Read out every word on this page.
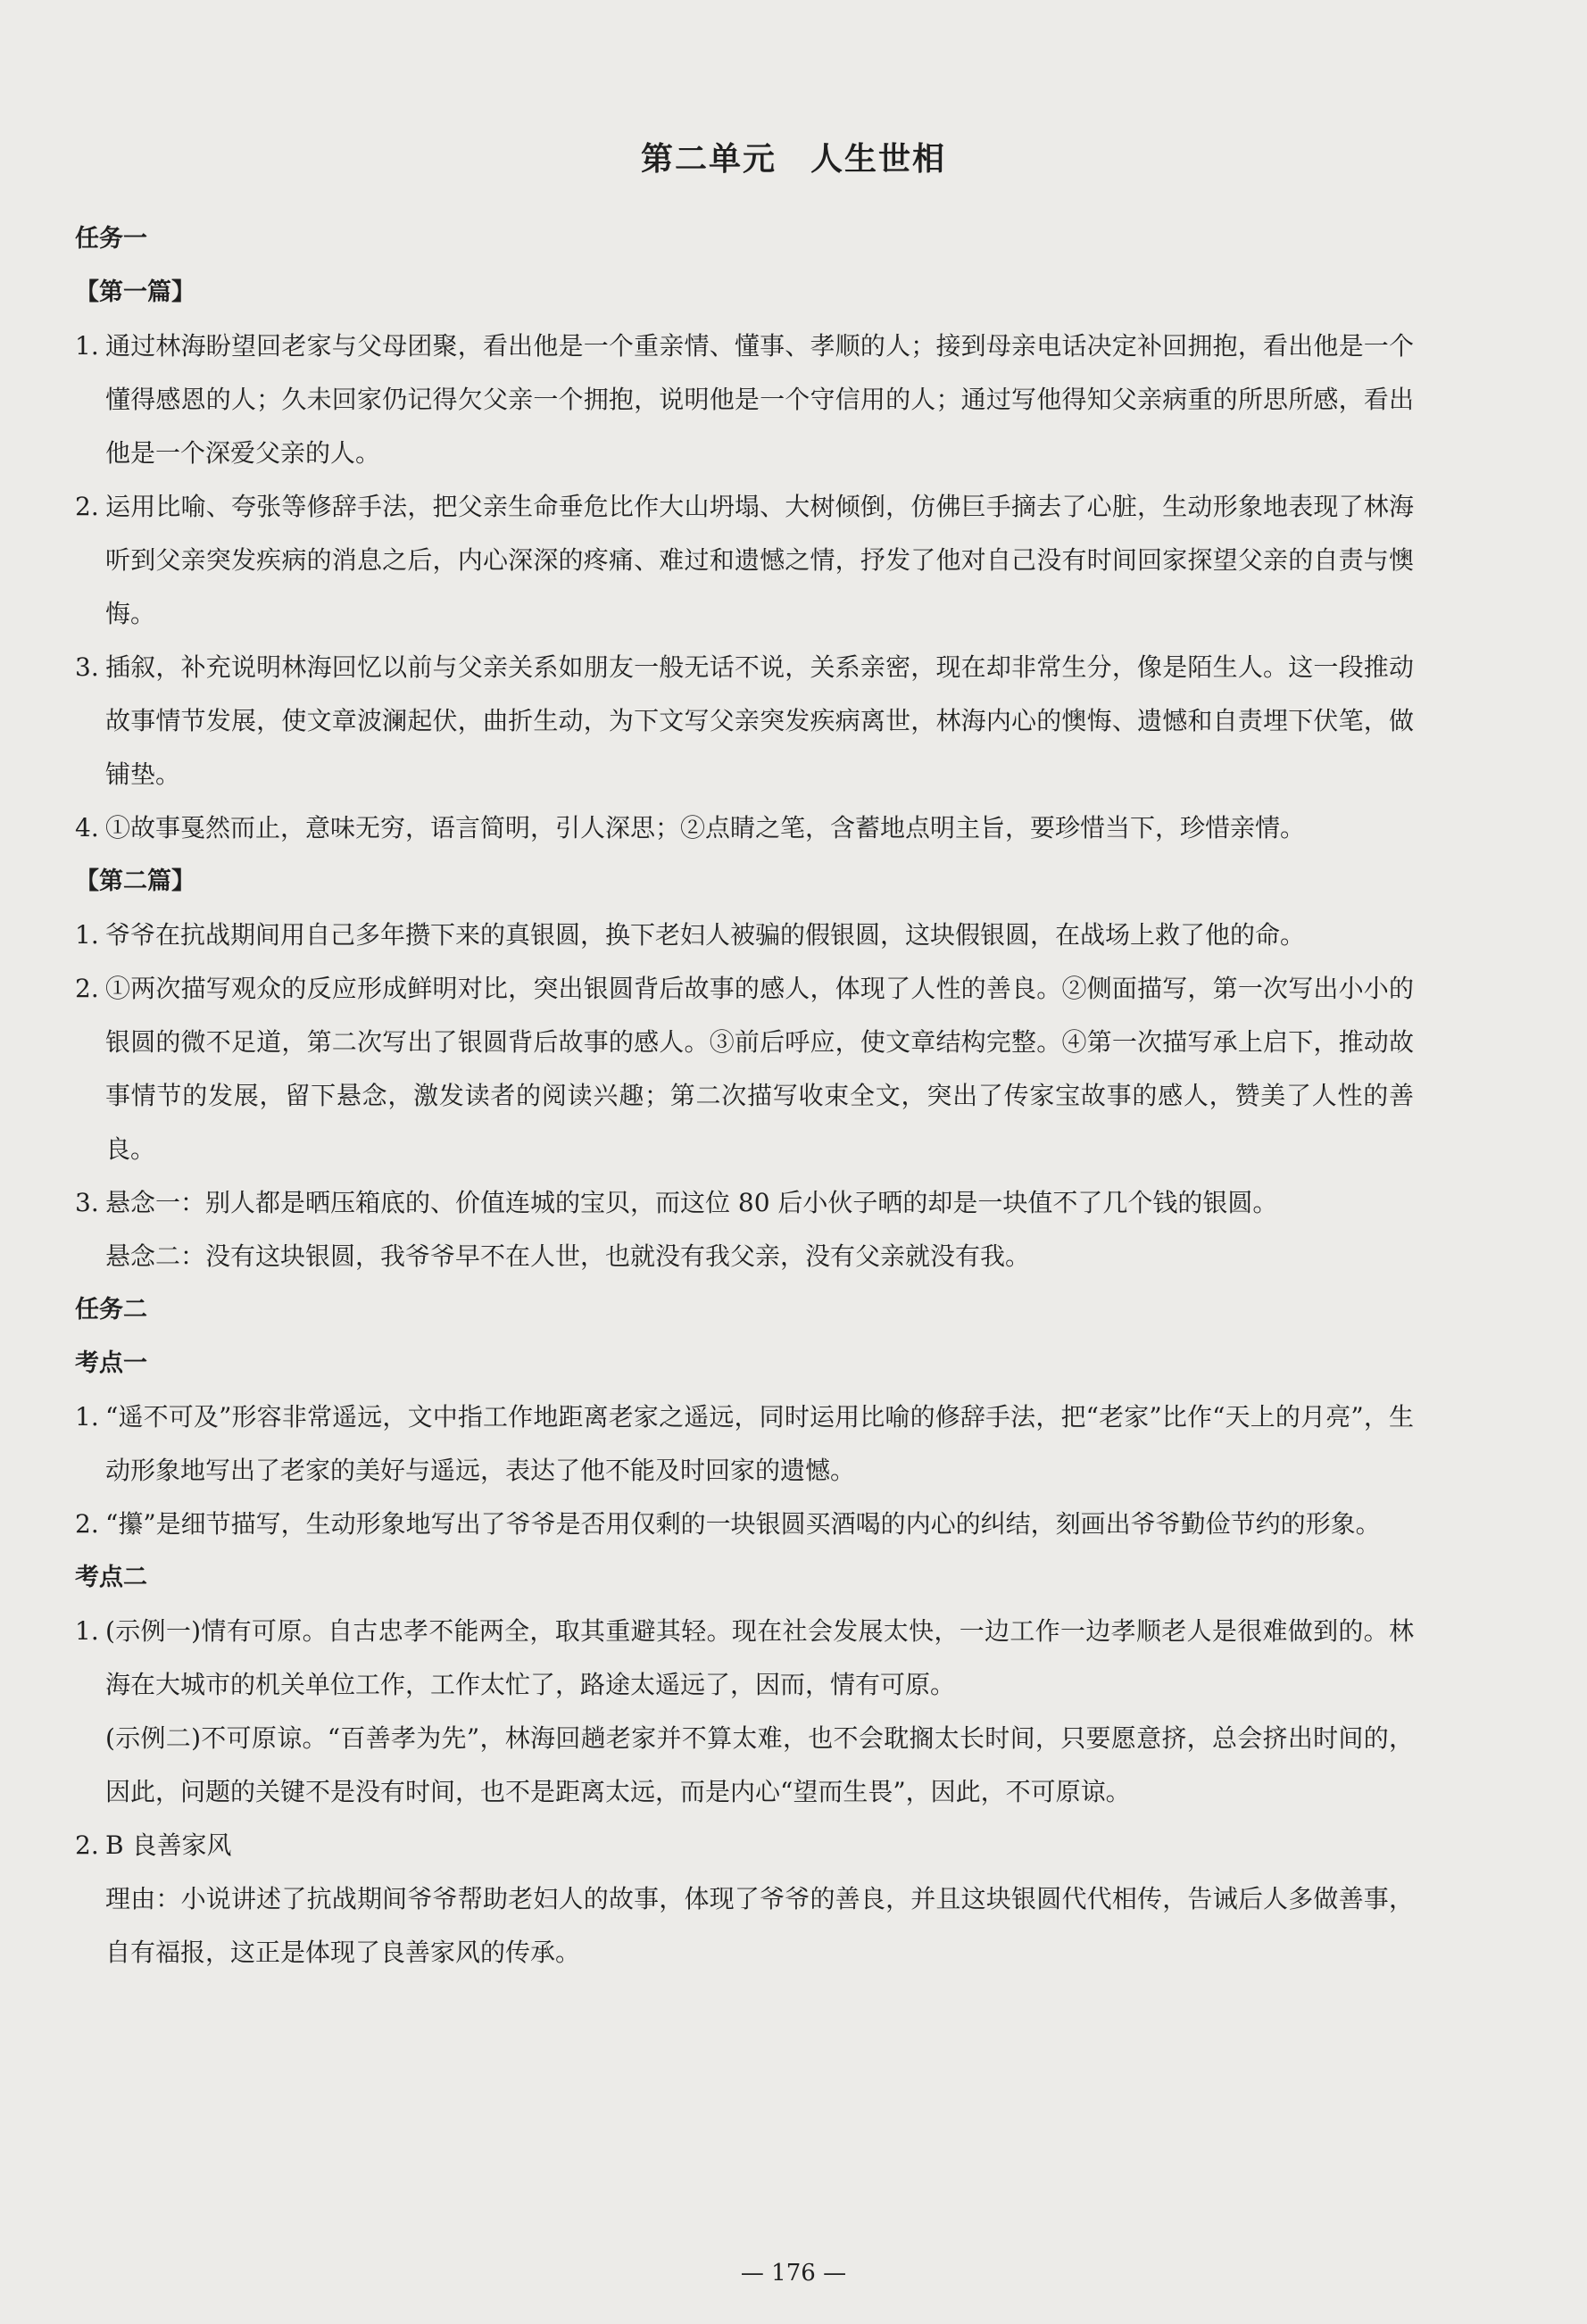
第二单元　人生世相
任务一
【第一篇】
1. 通过林海盼望回老家与父母团聚，看出他是一个重亲情、懂事、孝顺的人；接到母亲电话决定补回拥抱，看出他是一个懂得感恩的人；久未回家仍记得欠父亲一个拥抱，说明他是一个守信用的人；通过写他得知父亲病重的所思所感，看出他是一个深爱父亲的人。
2. 运用比喻、夸张等修辞手法，把父亲生命垂危比作大山坍塌、大树倾倒，仿佛巨手摘去了心脏，生动形象地表现了林海听到父亲突发疾病的消息之后，内心深深的疼痛、难过和遗憾之情，抒发了他对自己没有时间回家探望父亲的自责与懊悔。
3. 插叙，补充说明林海回忆以前与父亲关系如朋友一般无话不说，关系亲密，现在却非常生分，像是陌生人。这一段推动故事情节发展，使文章波澜起伏，曲折生动，为下文写父亲突发疾病离世，林海内心的懊悔、遗憾和自责埋下伏笔，做铺垫。
4. ①故事戛然而止，意味无穷，语言简明，引人深思；②点睛之笔，含蓄地点明主旨，要珍惜当下，珍惜亲情。
【第二篇】
1. 爷爷在抗战期间用自己多年攒下来的真银圆，换下老妇人被骗的假银圆，这块假银圆，在战场上救了他的命。
2. ①两次描写观众的反应形成鲜明对比，突出银圆背后故事的感人，体现了人性的善良。②侧面描写，第一次写出小小的银圆的微不足道，第二次写出了银圆背后故事的感人。③前后呼应，使文章结构完整。④第一次描写承上启下，推动故事情节的发展，留下悬念，激发读者的阅读兴趣；第二次描写收束全文，突出了传家宝故事的感人，赞美了人性的善良。
3. 悬念一：别人都是晒压箱底的、价值连城的宝贝，而这位 80 后小伙子晒的却是一块值不了几个钱的银圆。
悬念二：没有这块银圆，我爷爷早不在人世，也就没有我父亲，没有父亲就没有我。
任务二
考点一
1. “遥不可及”形容非常遥远，文中指工作地距离老家之遥远，同时运用比喻的修辞手法，把“老家”比作“天上的月亮”，生动形象地写出了老家的美好与遥远，表达了他不能及时回家的遗憾。
2. “攥”是细节描写，生动形象地写出了爷爷是否用仅剩的一块银圆买酒喝的内心的纠结，刻画出爷爷勤俭节约的形象。
考点二
1. (示例一)情有可原。自古忠孝不能两全，取其重避其轻。现在社会发展太快，一边工作一边孝顺老人是很难做到的。林海在大城市的机关单位工作，工作太忙了，路途太遥远了，因而，情有可原。
(示例二)不可原谅。“百善孝为先”，林海回趟老家并不算太难，也不会耽搁太长时间，只要愿意挤，总会挤出时间的，因此，问题的关键不是没有时间，也不是距离太远，而是内心“望而生畏”，因此，不可原谅。
2. B 良善家风
理由：小说讲述了抗战期间爷爷帮助老妇人的故事，体现了爷爷的善良，并且这块银圆代代相传，告诫后人多做善事，自有福报，这正是体现了良善家风的传承。
— 176 —
